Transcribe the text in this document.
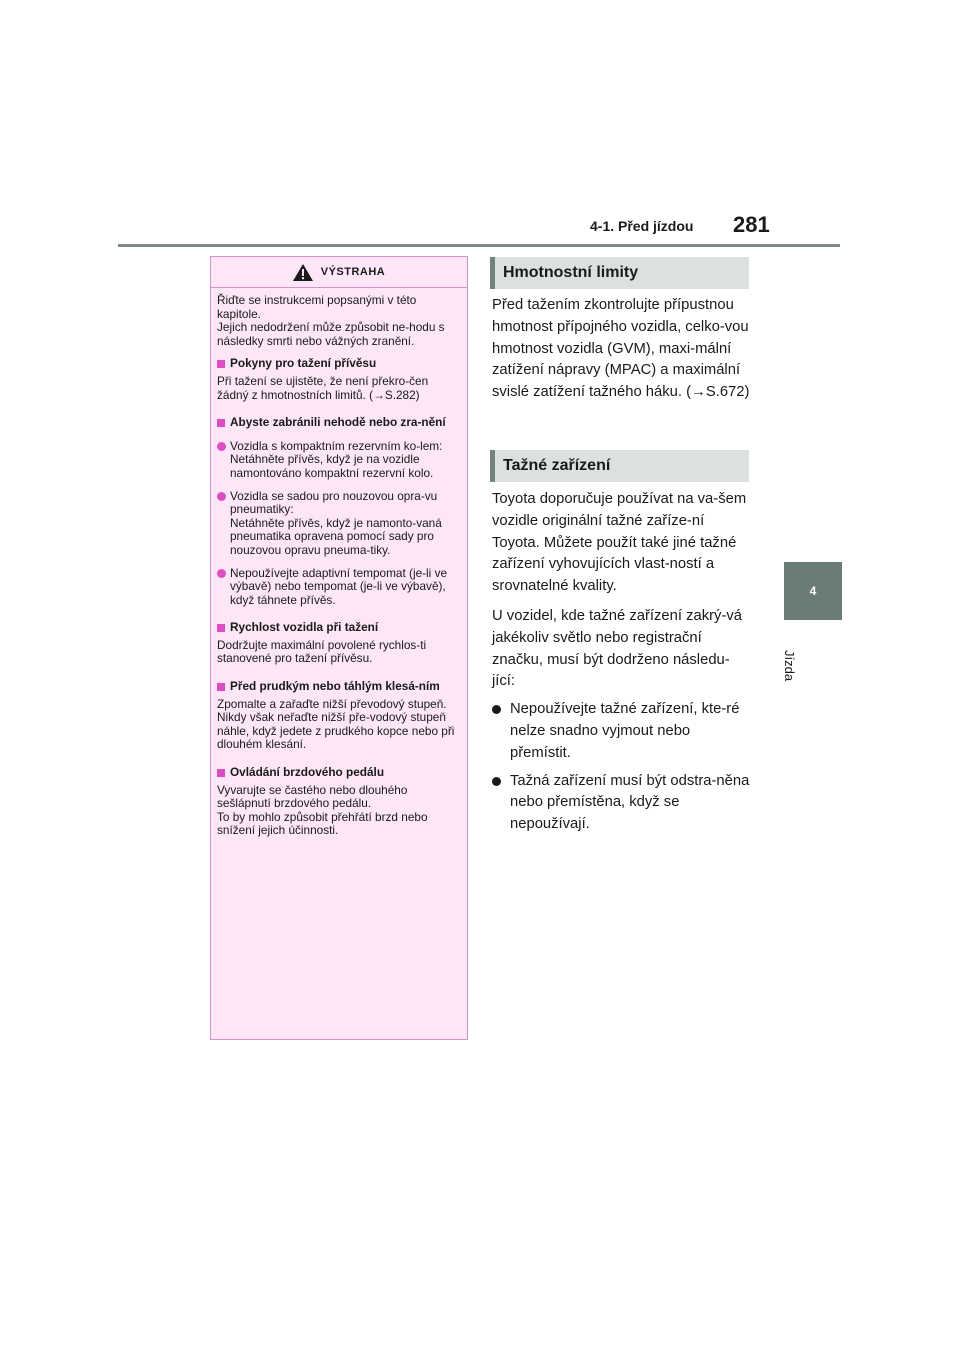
4-1. Před jízdou 281
4
Jízda
VÝSTRAHA

Řiďte se instrukcemi popsanými v této kapitole.
Jejich nedodržení může způsobit ne-hodu s následky smrti nebo vážných zranění.

Pokyny pro tažení přívěsu

Při tažení se ujistěte, že není překro-čen žádný z hmotnostních limitů. (→S.282)

Abyste zabránili nehodě nebo zra-nění
Vozidla s kompaktním rezervním ko-lem:
Netáhněte přívěs, když je na vozidle namontováno kompaktní rezervní kolo.
Vozidla se sadou pro nouzovou opra-vu pneumatiky:
Netáhněte přívěs, když je namonto-vaná pneumatika opravena pomocí sady pro nouzovou opravu pneuma-tiky.
Nepoužívejte adaptivní tempomat (je-li ve výbavě) nebo tempomat (je-li ve výbavě), když táhnete přívěs.
Rychlost vozidla při tažení

Dodržujte maximální povolené rychlos-ti stanovené pro tažení přívěsu.

Před prudkým nebo táhlým klesá-ním

Zpomalte a zařaďte nižší převodový stupeň. Nikdy však neřaďte nižší pře-vodový stupeň náhle, když jedete z prudkého kopce nebo při dlouhém klesání.

Ovládání brzdového pedálu

Vyvarujte se častého nebo dlouhého sešlápnutí brzdového pedálu.
To by mohlo způsobit přehřátí brzd nebo snížení jejich účinnosti.

Hmotnostní limity

Před tažením zkontrolujte přípustnou hmotnost přípojného vozidla, celko-vou hmotnost vozidla (GVM), maxi-mální zatížení nápravy (MPAC) a maximální svislé zatížení tažného háku. (→S.672)

Tažné zařízení

Toyota doporučuje používat na va-šem vozidle originální tažné zaříze-ní Toyota. Můžete použít také jiné tažné zařízení vyhovujících vlast-ností a srovnatelné kvality.

U vozidel, kde tažné zařízení zakrý-vá jakékoliv světlo nebo registrační značku, musí být dodrženo následu-jící:

Nepoužívejte tažné zařízení, kte-ré nelze snadno vyjmout nebo přemístit.
Tažná zařízení musí být odstra-něna nebo přemístěna, když se nepoužívají.
